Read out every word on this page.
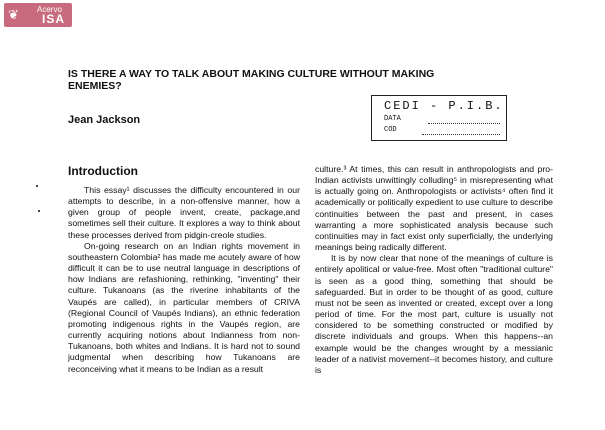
❦ Acervo
ISA
IS THERE A WAY TO TALK ABOUT MAKING CULTURE WITHOUT MAKING ENEMIES?
CEDI - P.I.B.
DATA
COD
Jean Jackson
Introduction

This essay¹ discusses the difficulty encountered in our attempts to describe, in a non-offensive manner, how a given group of people invent, create, package,and sometimes sell their culture. It explores a way to think about these processes derived from pidgin-creole studies.

On-going research on an Indian rights movement in southeastern Colombia² has made me acutely aware of how difficult it can be to use neutral language in descriptions of how Indians are refashioning, rethinking, "inventing" their culture. Tukanoans (as the riverine inhabitants of the Vaupés are called), in particular members of CRIVA (Regional Council of Vaupés Indians), an ethnic federation promoting indigenous rights in the Vaupés region, are currently acquiring notions about Indianness from non-Tukanoans, both whites and Indians. It is hard not to sound judgmental when describing how Tukanoans are reconceiving what it means to be Indian as a result

culture.³ At times, this can result in anthropologists and pro-Indian activists unwittingly colluding⁵ in misrepresenting what is actually going on. Anthropologists or activists⁴ often find it academically or politically expedient to use culture to describe continuities between the past and present, in cases warranting a more sophisticated analysis because such continuities may in fact exist only superficially, the underlying meanings being radically different.

It is by now clear that none of the meanings of culture is entirely apolitical or value-free. Most often "traditional culture" is seen as a good thing, something that should be safeguarded. But in order to be thought of as good, culture must not be seen as invented or created, except over a long period of time. For the most part, culture is usually not considered to be something constructed or modified by discrete individuals and groups. When this happens--an example would be the changes wrought by a messianic leader of a nativist movement--it becomes history, and culture is
